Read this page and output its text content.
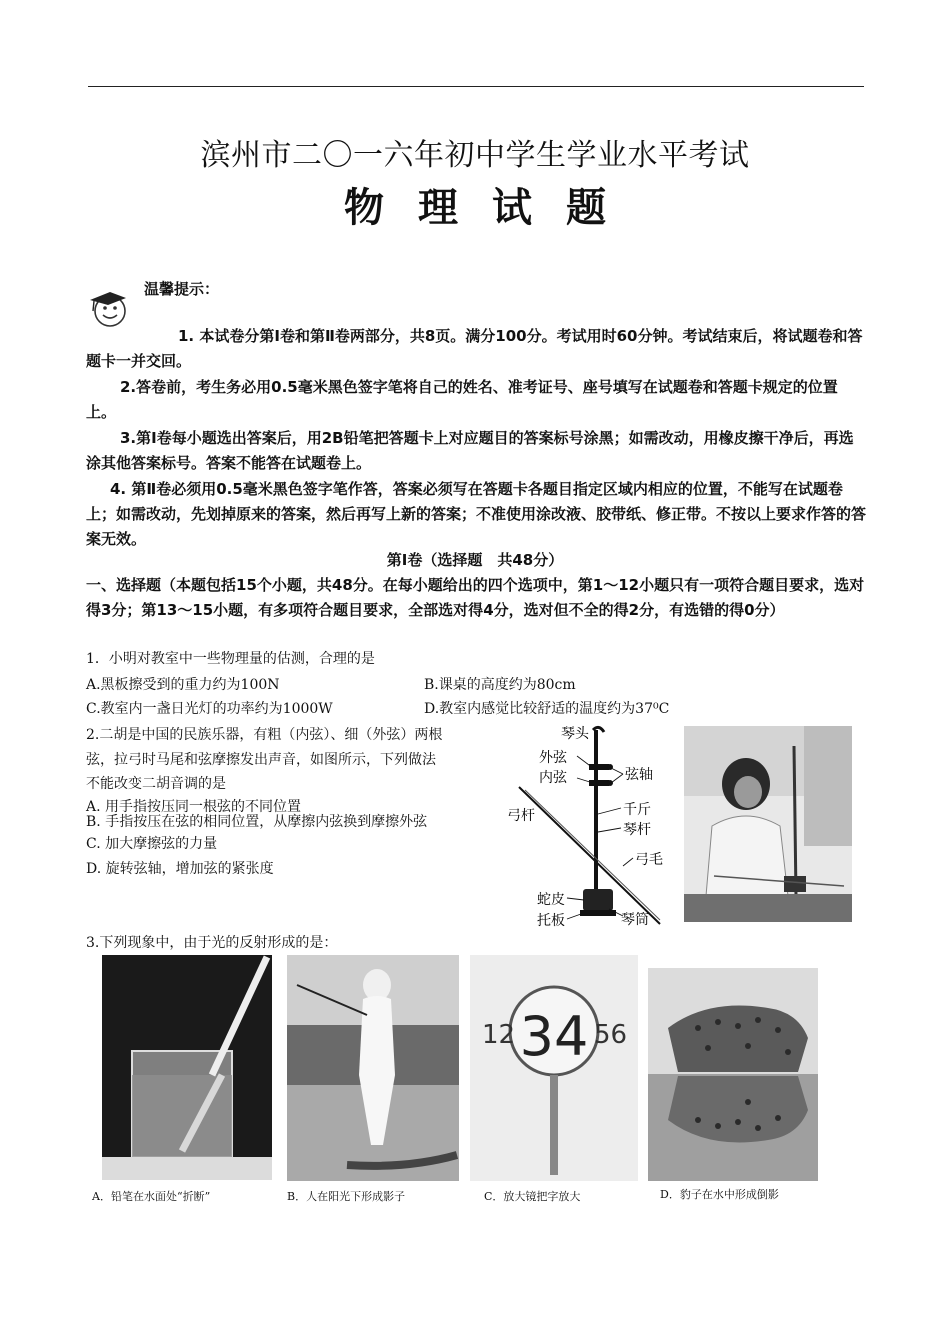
滨州市二〇一六年初中学生学业水平考试
物理试题
温馨提示：

1. 本试卷分第Ⅰ卷和第Ⅱ卷两部分，共8页。满分100分。考试用时60分钟。考试结束后，将试题卷和答题卡一并交回。

2.答卷前，考生务必用0.5毫米黑色签字笔将自己的姓名、准考证号、座号填写在试题卷和答题卡规定的位置上。

3.第Ⅰ卷每小题选出答案后，用2B铅笔把答题卡上对应题目的答案标号涂黑；如需改动，用橡皮擦干净后，再选涂其他答案标号。答案不能答在试题卷上。

4. 第Ⅱ卷必须用0.5毫米黑色签字笔作答，答案必须写在答题卡各题目指定区域内相应的位置，不能写在试题卷上；如需改动，先划掉原来的答案，然后再写上新的答案；不准使用涂改液、胶带纸、修正带。不按以上要求作答的答案无效。

第Ⅰ卷（选择题　共48分）
一、选择题（本题包括15个小题，共48分。在每小题给出的四个选项中，第1～12小题只有一项符合题目要求，选对得3分；第13～15小题，有多项符合题目要求，全部选对得4分，选对但不全的得2分，有选错的得0分）
1．小明对教室中一些物理量的估测，合理的是
A.黑板擦受到的重力约为100N	B.课桌的高度约为80cm
C.教室内一盏日光灯的功率约为1000W	D.教室内感觉比较舒适的温度约为37⁰C
2.二胡是中国的民族乐器，有粗（内弦）、细（外弦）两根
弦，拉弓时马尾和弦摩擦发出声音，如图所示，下列做法
不能改变二胡音调的是
A. 用手指按压同一根弦的不同位置
B. 手指按压在弦的相同位置，从摩擦内弦换到摩擦外弦
C. 加大摩擦弦的力量
D. 旋转弦轴，增加弦的紧张度
琴头
外弦
内弦	弦轴
弓杆	千斤
琴杆
弓毛
蛇皮
托板	琴筒
3.下列现象中，由于光的反射形成的是：
A．铅笔在水面处“折断”	B．人在阳光下形成影子
12 34 56
C．放大镜把字放大	D．豹子在水中形成倒影
